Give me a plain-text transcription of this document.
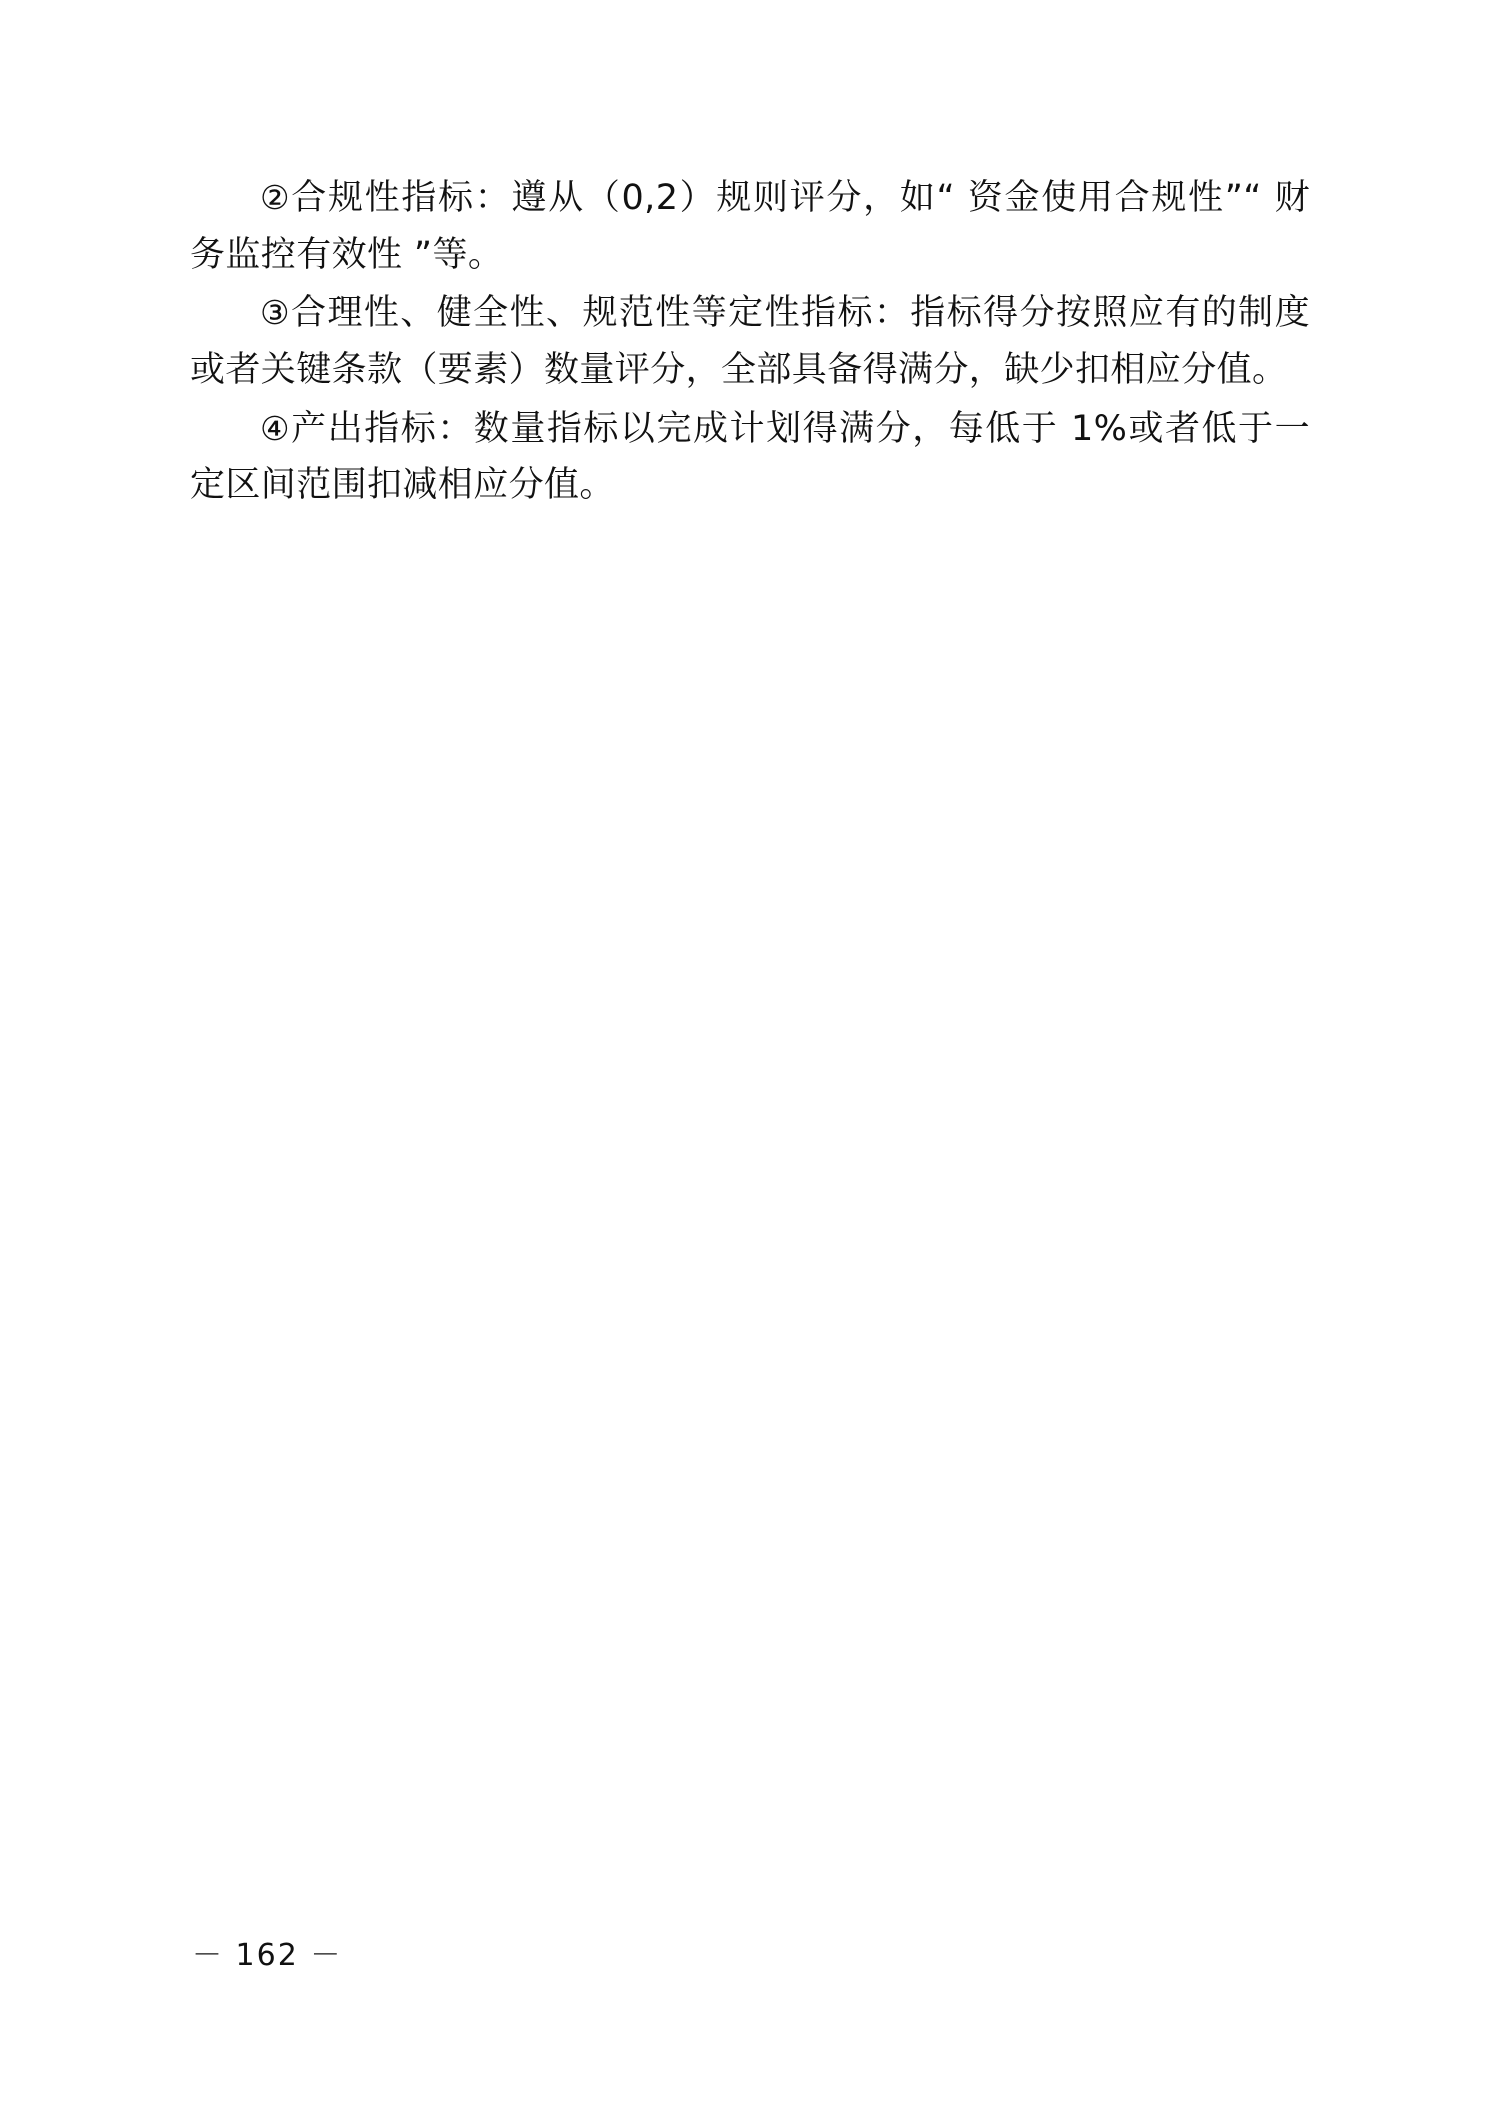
②合规性指标：遵从（0,2）规则评分，如“ 资金使用合规性”“ 财务监控有效性 ”等。

③合理性、健全性、规范性等定性指标：指标得分按照应有的制度或者关键条款（要素）数量评分，全部具备得满分，缺少扣相应分值。

④产出指标：数量指标以完成计划得满分，每低于 1%或者低于一定区间范围扣减相应分值。

－ 162 －
